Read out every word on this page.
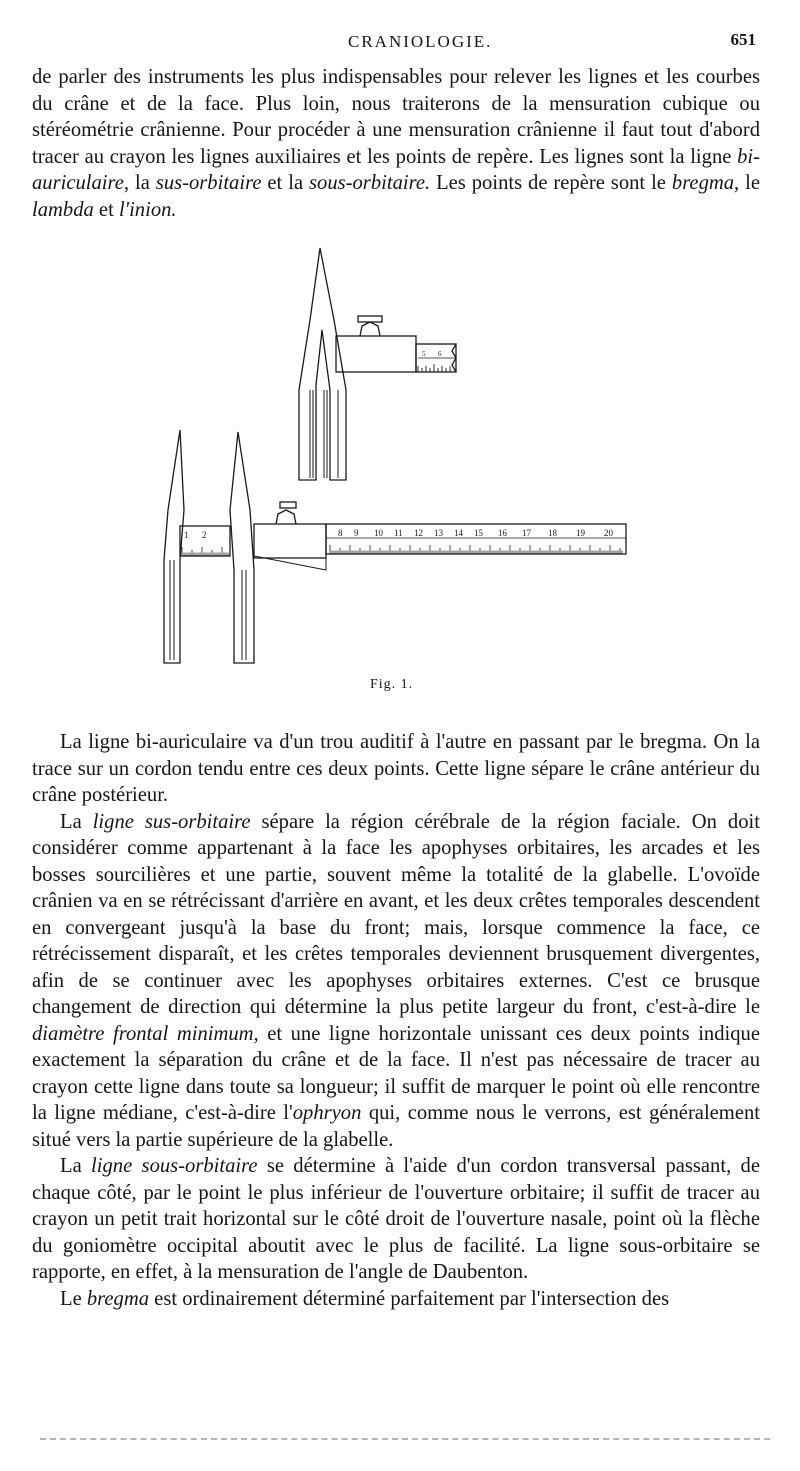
CRANIOLOGIE.	651

de parler des instruments les plus indispensables pour relever les lignes et les courbes du crâne et de la face. Plus loin, nous traiterons de la mensuration cubique ou stéréométrie crânienne. Pour procéder à une mensuration crânienne il faut tout d'abord tracer au crayon les lignes auxiliaires et les points de repère. Les lignes sont la ligne bi-auriculaire, la sus-orbitaire et la sous-orbitaire. Les points de repère sont le bregma, le lambda et l'inion.

1 2	8 9 10 11 12 13 14 15 16 17 18 19 20
5 6
Fig. 1.

La ligne bi-auriculaire va d'un trou auditif à l'autre en passant par le bregma. On la trace sur un cordon tendu entre ces deux points. Cette ligne sépare le crâne antérieur du crâne postérieur.

La ligne sus-orbitaire sépare la région cérébrale de la région faciale. On doit considérer comme appartenant à la face les apophyses orbitaires, les arcades et les bosses sourcilières et une partie, souvent même la totalité de la glabelle. L'ovoïde crânien va en se rétrécissant d'arrière en avant, et les deux crêtes temporales descendent en convergeant jusqu'à la base du front; mais, lorsque commence la face, ce rétrécissement disparaît, et les crêtes temporales deviennent brusquement divergentes, afin de se continuer avec les apophyses orbitaires externes. C'est ce brusque changement de direction qui détermine la plus petite largeur du front, c'est-à-dire le diamètre frontal minimum, et une ligne horizontale unissant ces deux points indique exactement la séparation du crâne et de la face. Il n'est pas nécessaire de tracer au crayon cette ligne dans toute sa longueur; il suffit de marquer le point où elle rencontre la ligne médiane, c'est-à-dire l'ophryon qui, comme nous le verrons, est généralement situé vers la partie supérieure de la glabelle.

La ligne sous-orbitaire se détermine à l'aide d'un cordon transversal passant, de chaque côté, par le point le plus inférieur de l'ouverture orbitaire; il suffit de tracer au crayon un petit trait horizontal sur le côté droit de l'ouverture nasale, point où la flèche du goniomètre occipital aboutit avec le plus de facilité. La ligne sous-orbitaire se rapporte, en effet, à la mensuration de l'angle de Daubenton.

Le bregma est ordinairement déterminé parfaitement par l'intersection des
